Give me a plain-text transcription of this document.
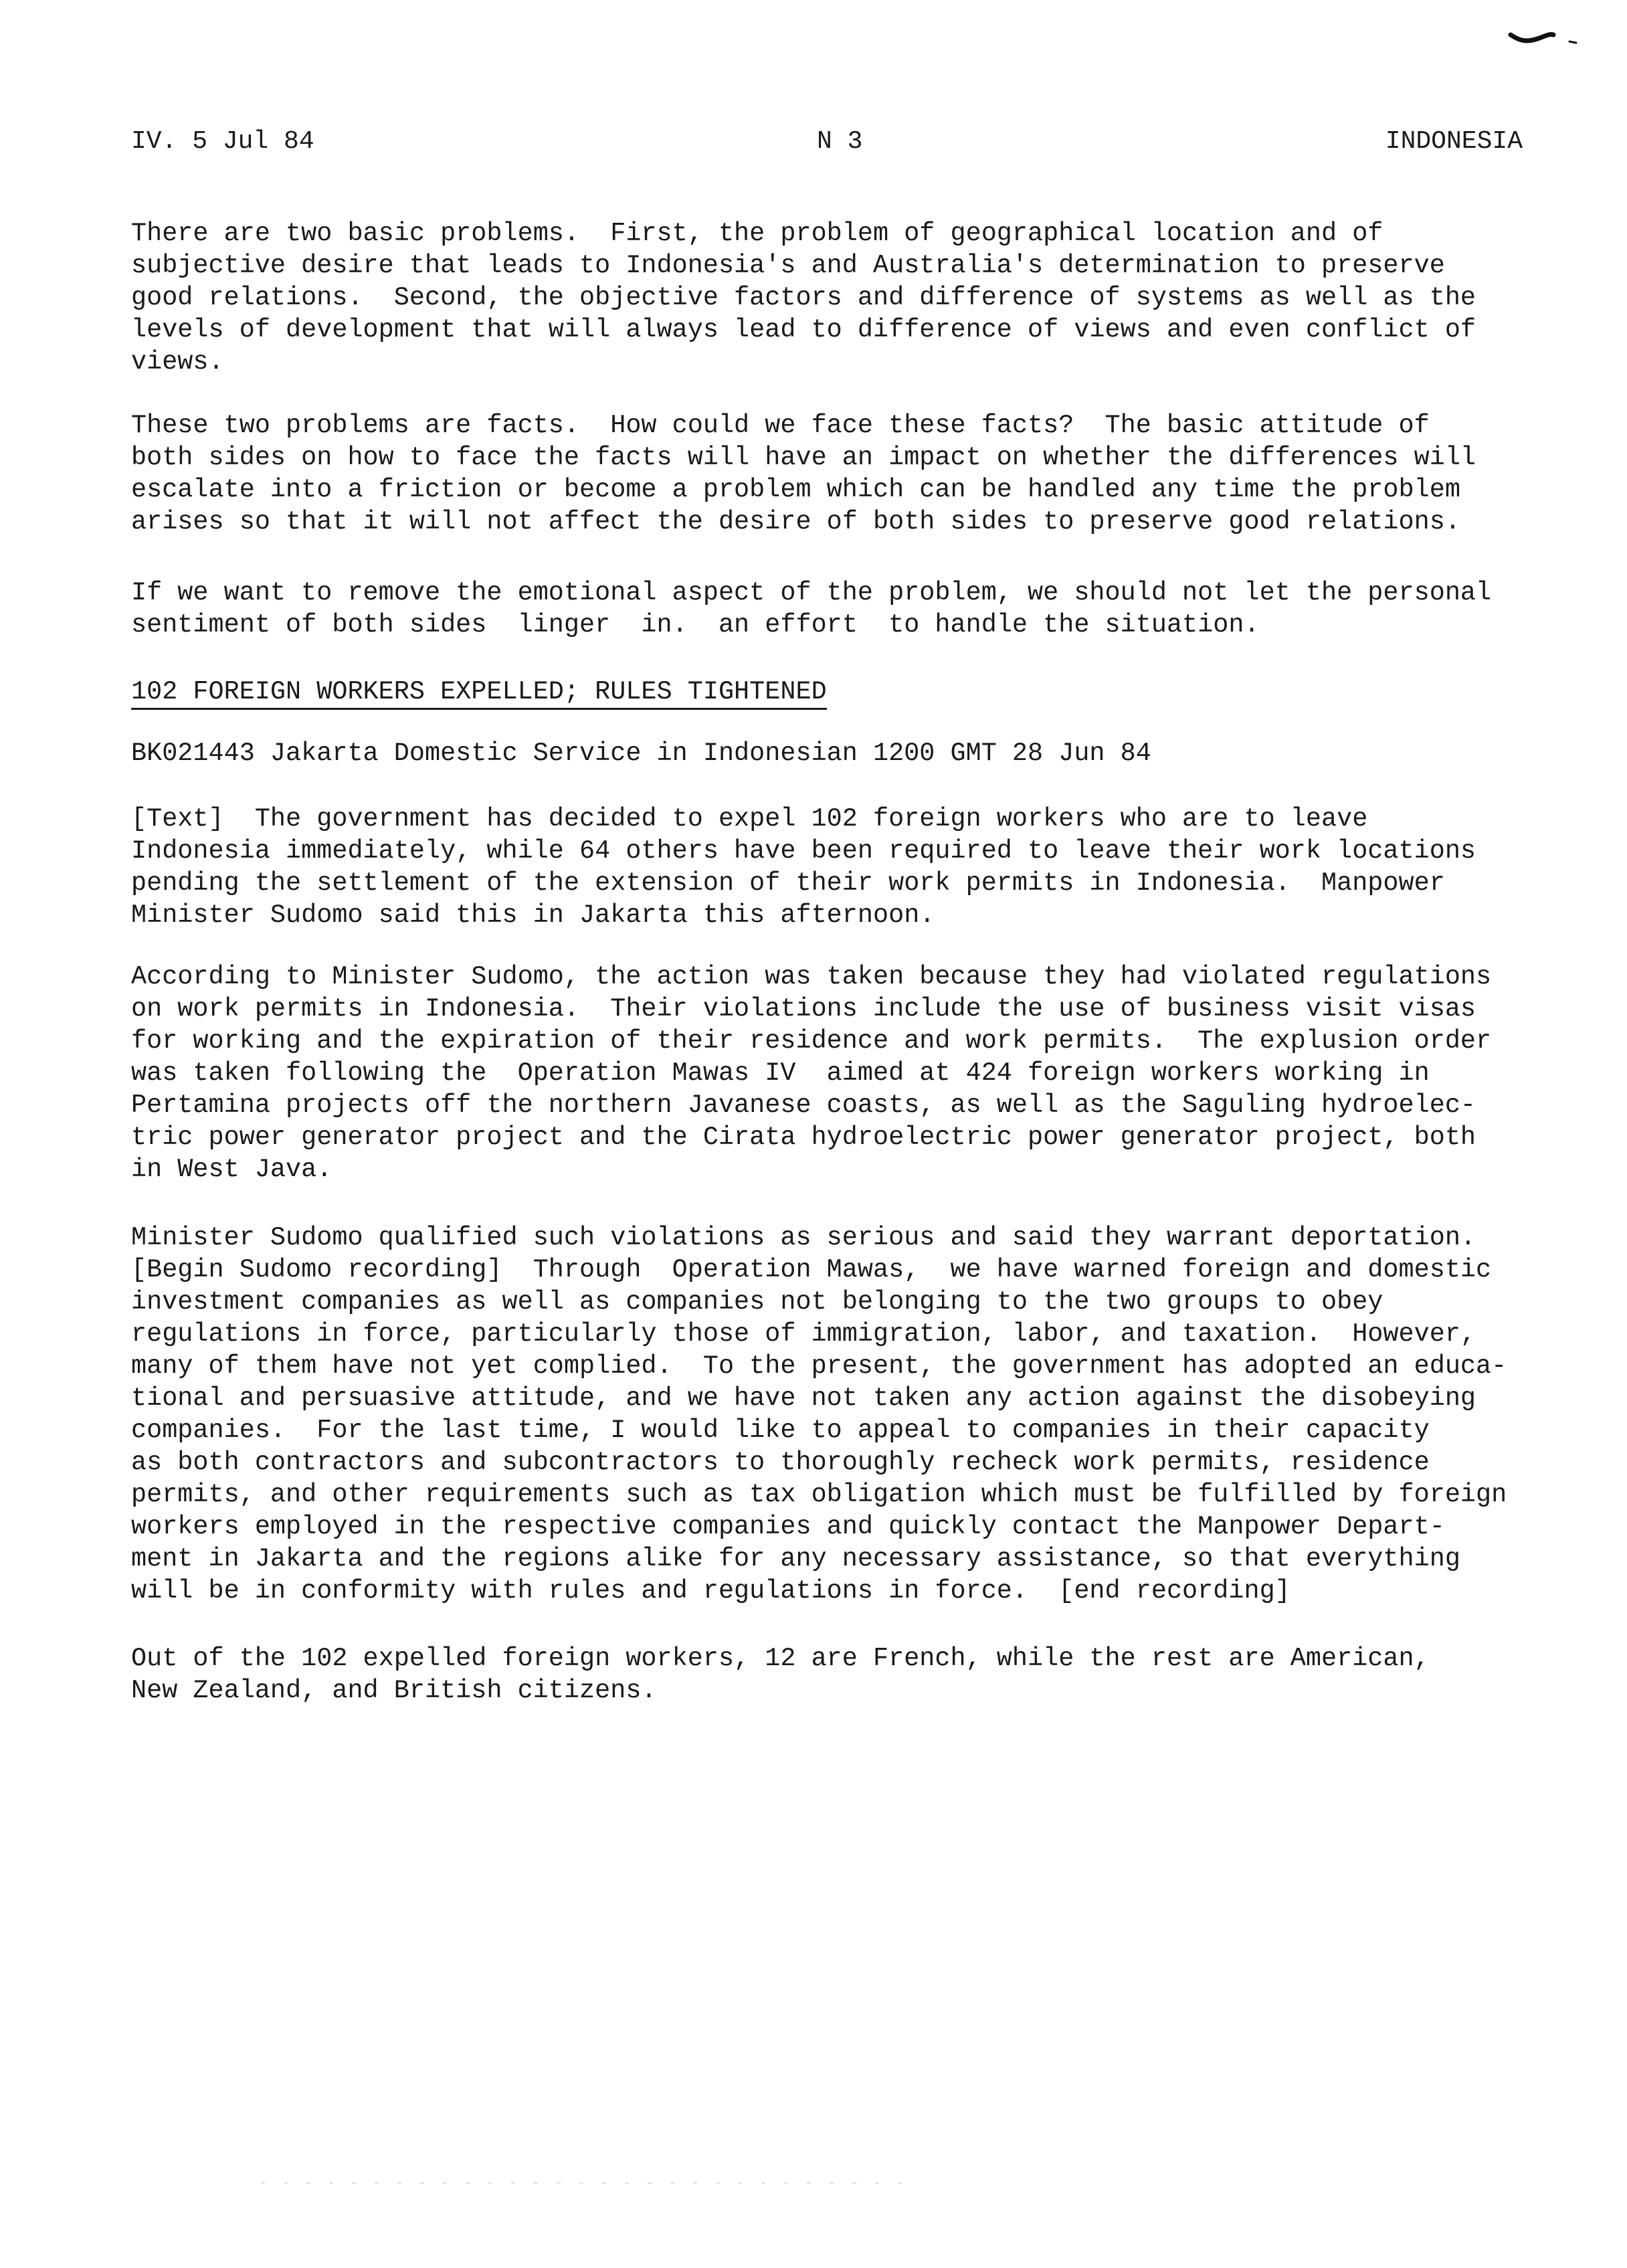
IV. 5 Jul 84	N 3	INDONESIA

There are two basic problems.  First, the problem of geographical location and of
subjective desire that leads to Indonesia's and Australia's determination to preserve
good relations.  Second, the objective factors and difference of systems as well as the
levels of development that will always lead to difference of views and even conflict of
views.

These two problems are facts.  How could we face these facts?  The basic attitude of
both sides on how to face the facts will have an impact on whether the differences will
escalate into a friction or become a problem which can be handled any time the problem
arises so that it will not affect the desire of both sides to preserve good relations.

If we want to remove the emotional aspect of the problem, we should not let the personal
sentiment of both sides  linger  in.  an effort  to handle the situation.

102 FOREIGN WORKERS EXPELLED; RULES TIGHTENED

BK021443 Jakarta Domestic Service in Indonesian 1200 GMT 28 Jun 84

[Text]  The government has decided to expel 102 foreign workers who are to leave
Indonesia immediately, while 64 others have been required to leave their work locations
pending the settlement of the extension of their work permits in Indonesia.  Manpower
Minister Sudomo said this in Jakarta this afternoon.

According to Minister Sudomo, the action was taken because they had violated regulations
on work permits in Indonesia.  Their violations include the use of business visit visas
for working and the expiration of their residence and work permits.  The explusion order
was taken following the  Operation Mawas IV  aimed at 424 foreign workers working in
Pertamina projects off the northern Javanese coasts, as well as the Saguling hydroelec-
tric power generator project and the Cirata hydroelectric power generator project, both
in West Java.

Minister Sudomo qualified such violations as serious and said they warrant deportation.
[Begin Sudomo recording]  Through  Operation Mawas,  we have warned foreign and domestic
investment companies as well as companies not belonging to the two groups to obey
regulations in force, particularly those of immigration, labor, and taxation.  However,
many of them have not yet complied.  To the present, the government has adopted an educa-
tional and persuasive attitude, and we have not taken any action against the disobeying
companies.  For the last time, I would like to appeal to companies in their capacity
as both contractors and subcontractors to thoroughly recheck work permits, residence
permits, and other requirements such as tax obligation which must be fulfilled by foreign
workers employed in the respective companies and quickly contact the Manpower Depart-
ment in Jakarta and the regions alike for any necessary assistance, so that everything
will be in conformity with rules and regulations in force.  [end recording]

Out of the 102 expelled foreign workers, 12 are French, while the rest are American,
New Zealand, and British citizens.
